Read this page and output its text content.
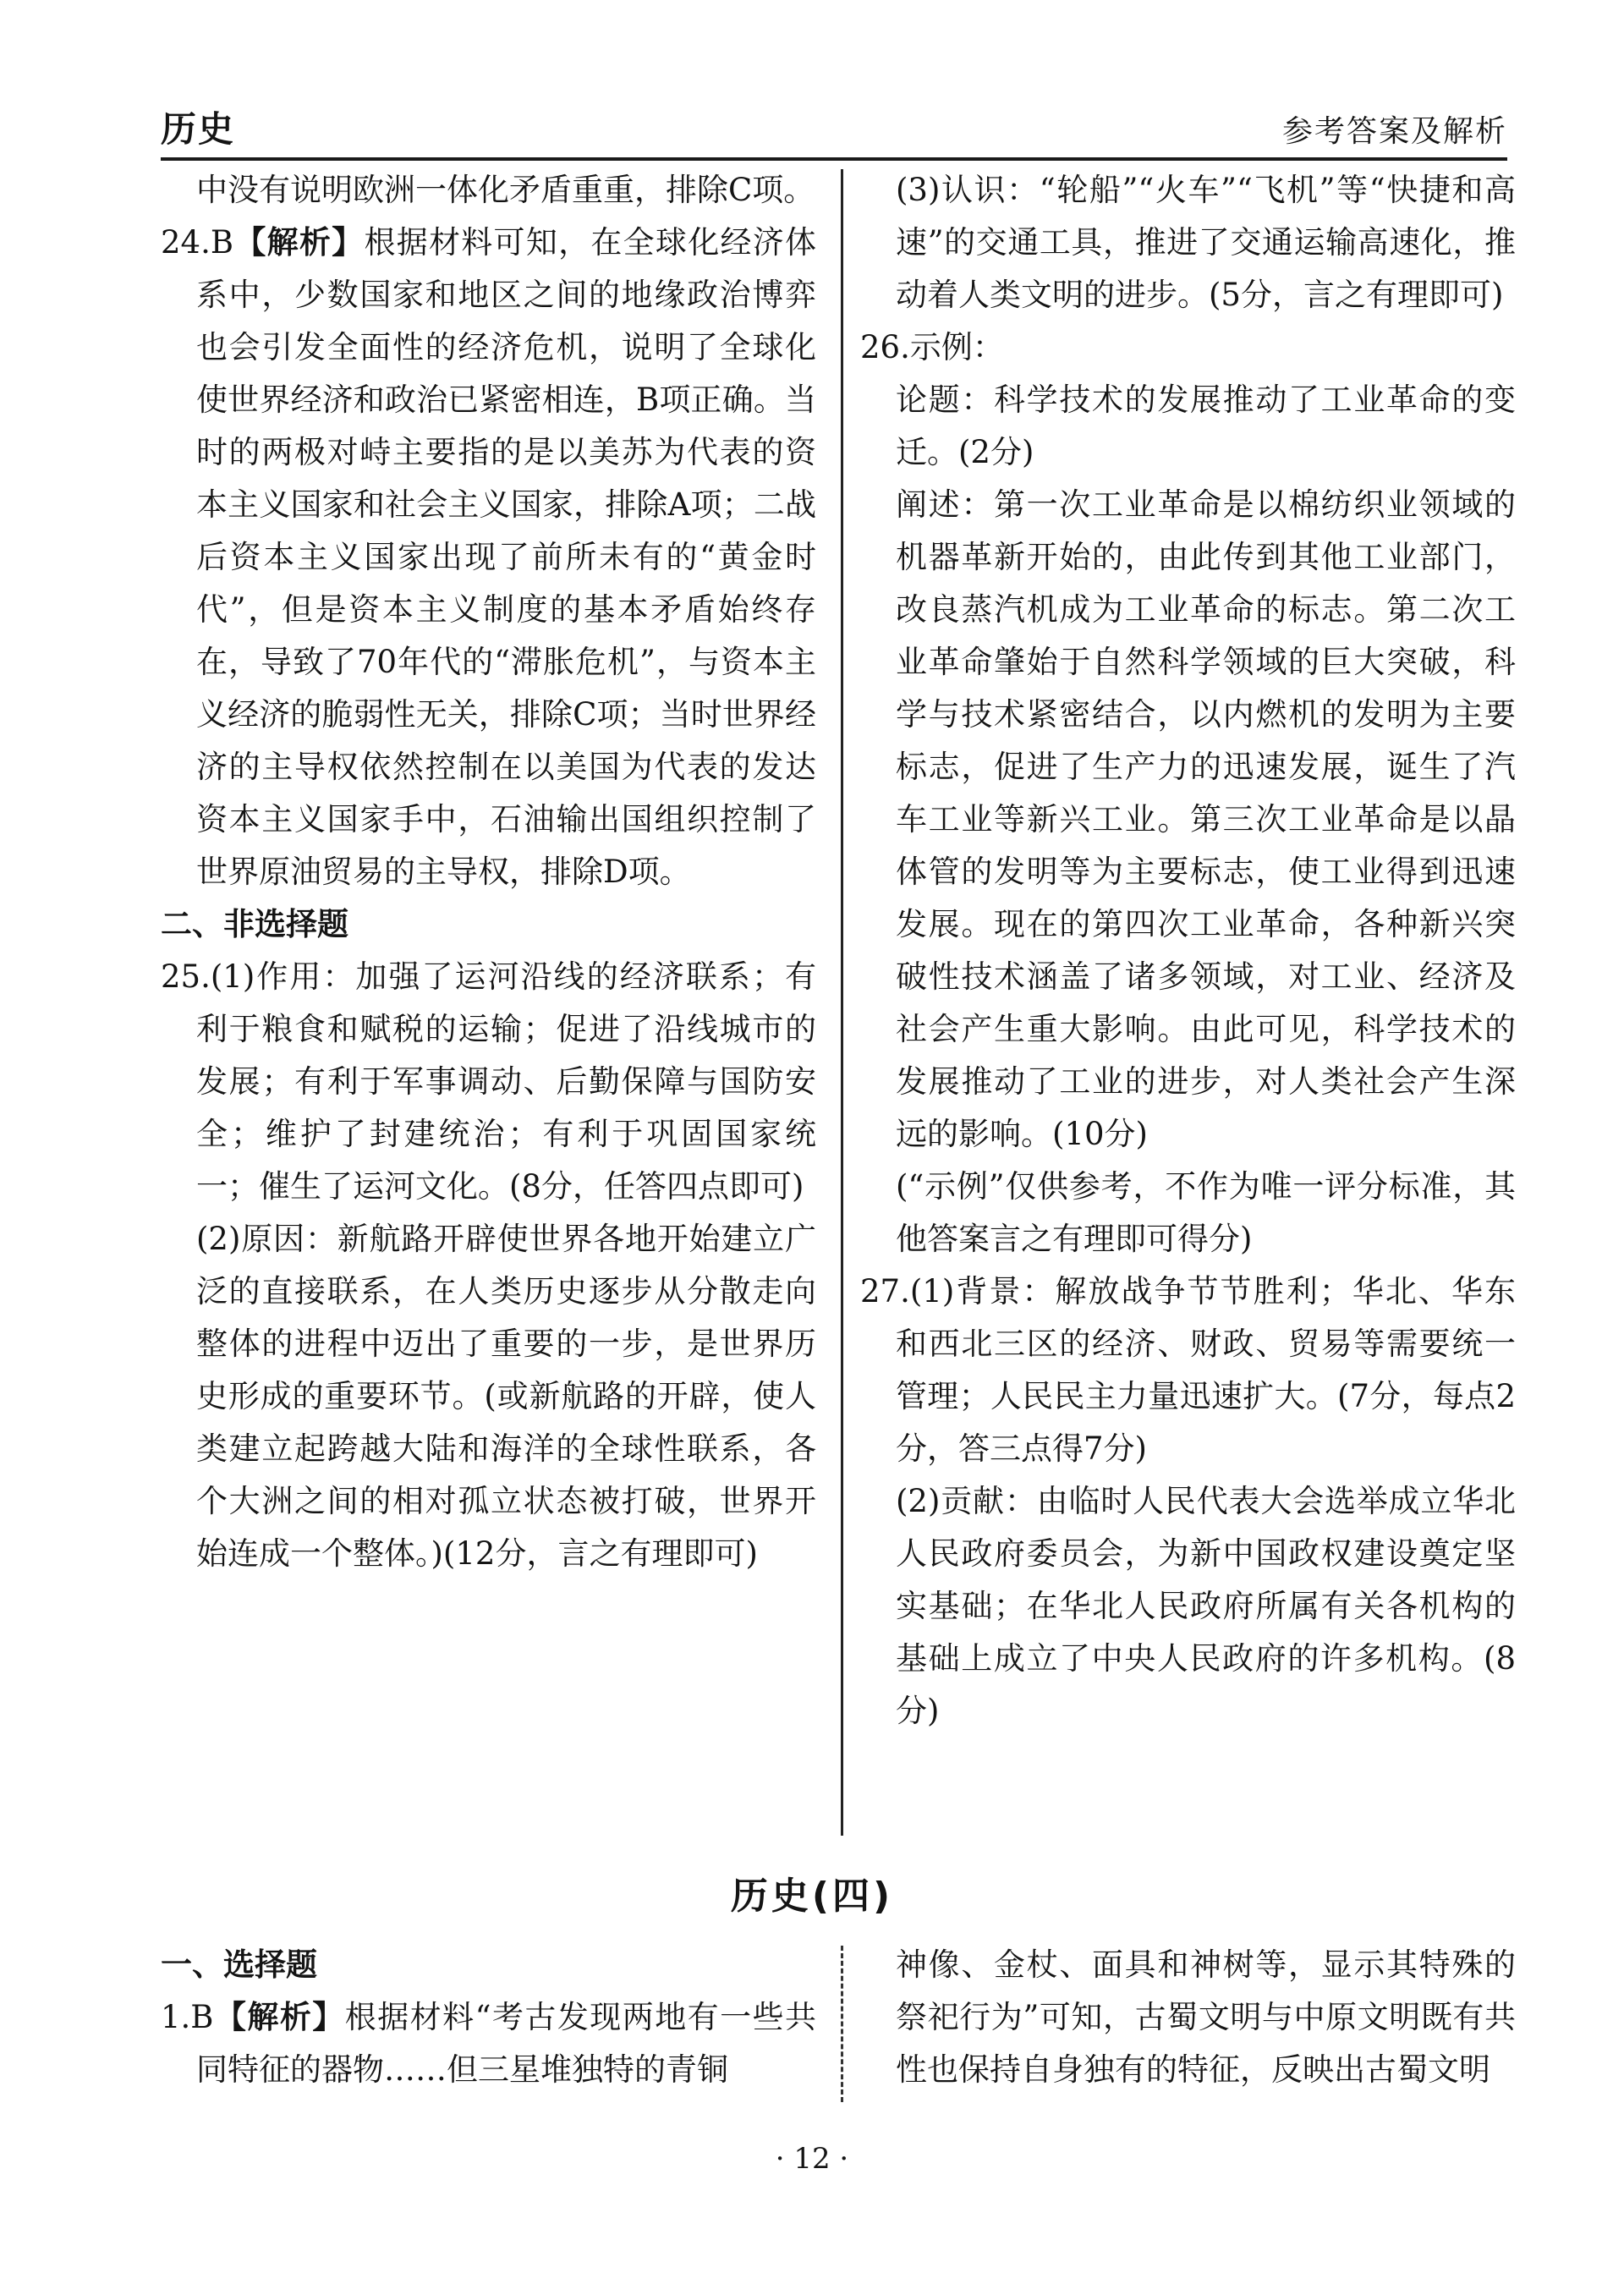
历史	参考答案及解析

中没有说明欧洲一体化矛盾重重，排除C项。

24.B【解析】根据材料可知，在全球化经济体系中，少数国家和地区之间的地缘政治博弈也会引发全面性的经济危机，说明了全球化使世界经济和政治已紧密相连，B项正确。当时的两极对峙主要指的是以美苏为代表的资本主义国家和社会主义国家，排除A项；二战后资本主义国家出现了前所未有的“黄金时代”，但是资本主义制度的基本矛盾始终存在，导致了70年代的“滞胀危机”，与资本主义经济的脆弱性无关，排除C项；当时世界经济的主导权依然控制在以美国为代表的发达资本主义国家手中，石油输出国组织控制了世界原油贸易的主导权，排除D项。

二、非选择题

25.(1)作用：加强了运河沿线的经济联系；有利于粮食和赋税的运输；促进了沿线城市的发展；有利于军事调动、后勤保障与国防安全；维护了封建统治；有利于巩固国家统一；催生了运河文化。(8分，任答四点即可)

(2)原因：新航路开辟使世界各地开始建立广泛的直接联系，在人类历史逐步从分散走向整体的进程中迈出了重要的一步，是世界历史形成的重要环节。(或新航路的开辟，使人类建立起跨越大陆和海洋的全球性联系，各个大洲之间的相对孤立状态被打破，世界开始连成一个整体。)(12分，言之有理即可)

(3)认识：“轮船”“火车”“飞机”等“快捷和高速”的交通工具，推进了交通运输高速化，推动着人类文明的进步。(5分，言之有理即可)

26.示例：

论题：科学技术的发展推动了工业革命的变迁。(2分)

阐述：第一次工业革命是以棉纺织业领域的机器革新开始的，由此传到其他工业部门，改良蒸汽机成为工业革命的标志。第二次工业革命肇始于自然科学领域的巨大突破，科学与技术紧密结合，以内燃机的发明为主要标志，促进了生产力的迅速发展，诞生了汽车工业等新兴工业。第三次工业革命是以晶体管的发明等为主要标志，使工业得到迅速发展。现在的第四次工业革命，各种新兴突破性技术涵盖了诸多领域，对工业、经济及社会产生重大影响。由此可见，科学技术的发展推动了工业的进步，对人类社会产生深远的影响。(10分)

(“示例”仅供参考，不作为唯一评分标准，其他答案言之有理即可得分)

27.(1)背景：解放战争节节胜利；华北、华东和西北三区的经济、财政、贸易等需要统一管理；人民民主力量迅速扩大。(7分，每点2分，答三点得7分)

(2)贡献：由临时人民代表大会选举成立华北人民政府委员会，为新中国政权建设奠定坚实基础；在华北人民政府所属有关各机构的基础上成立了中央人民政府的许多机构。(8分)

历史(四)

一、选择题

1.B【解析】根据材料“考古发现两地有一些共同特征的器物……但三星堆独特的青铜

神像、金杖、面具和神树等，显示其特殊的祭祀行为”可知，古蜀文明与中原文明既有共性也保持自身独有的特征，反映出古蜀文明

· 12 ·
